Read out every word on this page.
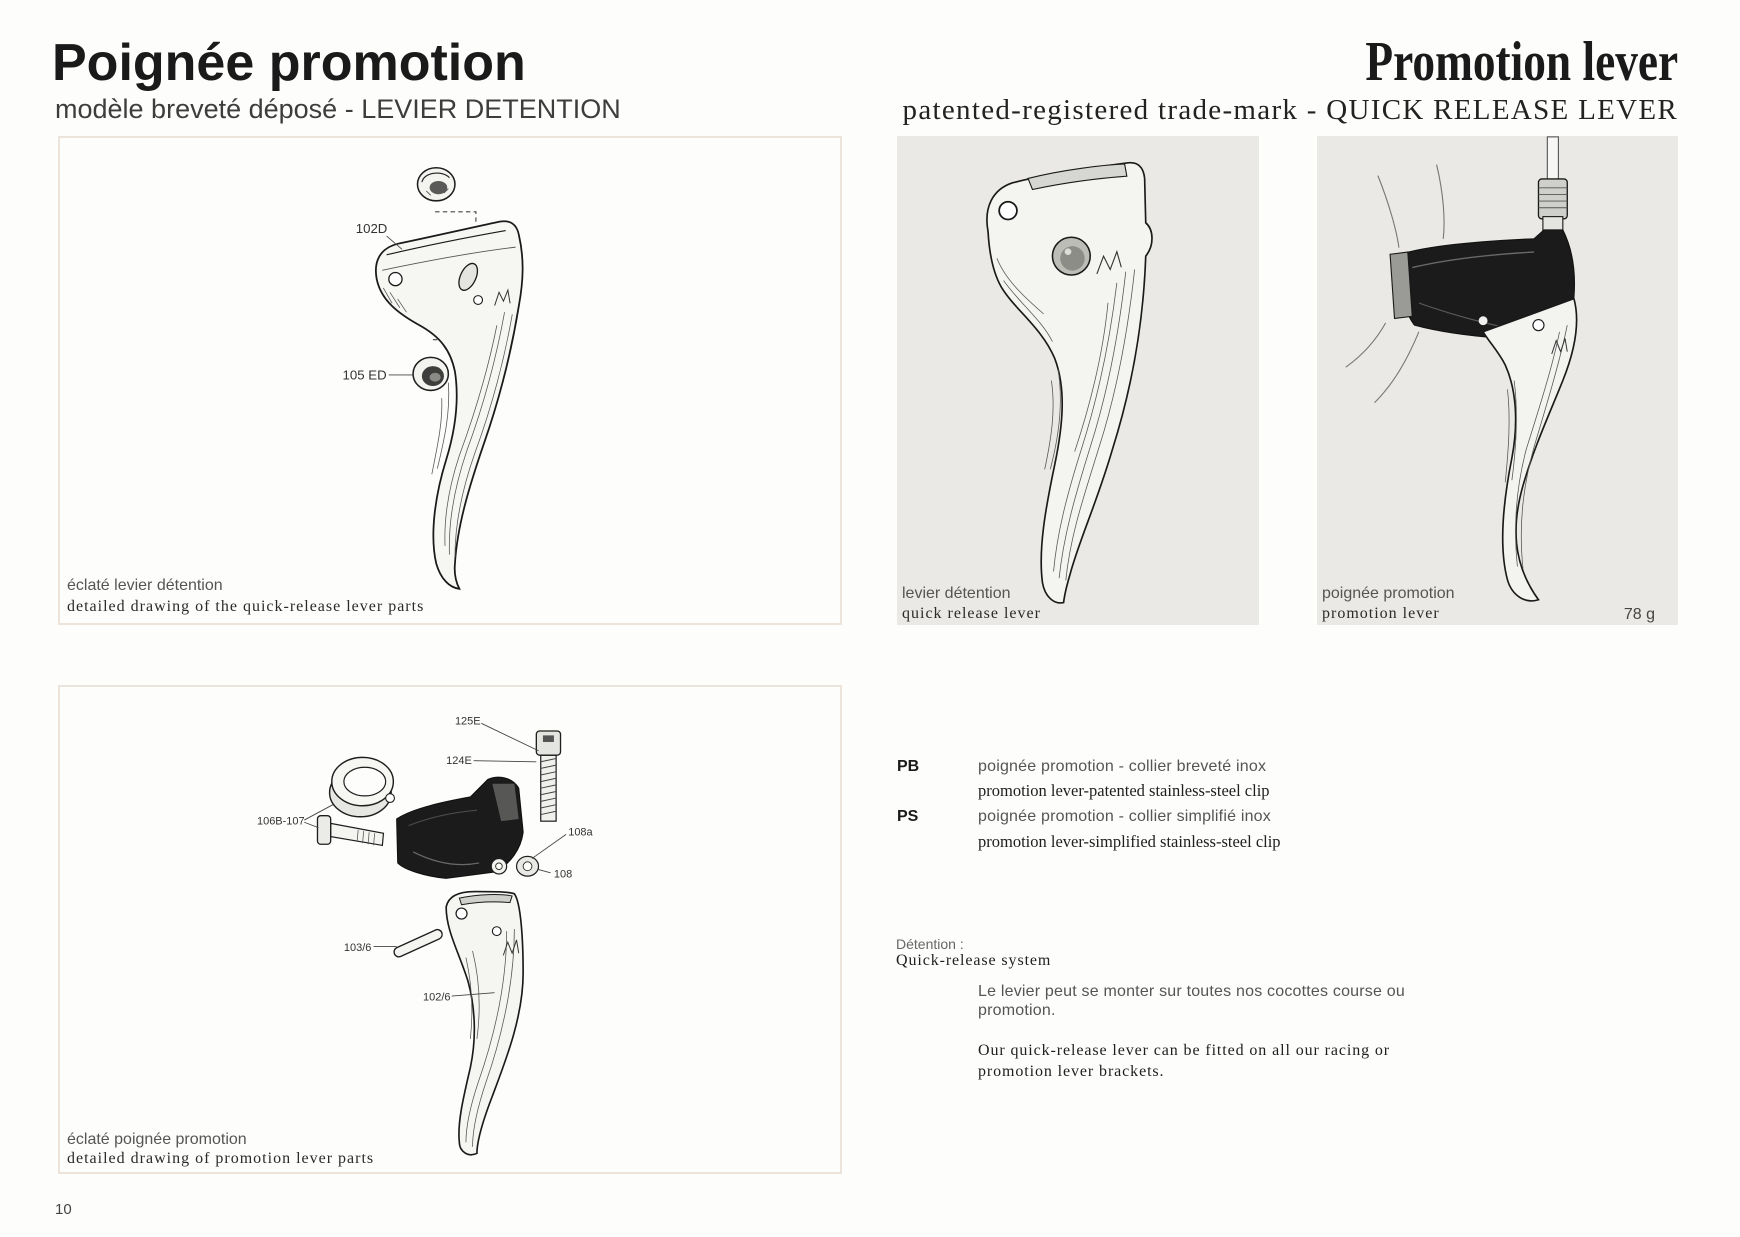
Poignée promotion
modèle breveté déposé - LEVIER DETENTION
Promotion lever
patented-registered trade-mark - QUICK RELEASE LEVER
102D
105 ED
éclaté levier détention
detailed drawing of the quick-release lever parts
levier détention
quick release lever
poignée promotion
promotion lever	78 g
125E
124E
106B-107
108a
108
103/6
102/6
éclaté poignée promotion
detailed drawing of promotion lever parts
PB	poignée promotion - collier breveté inox
promotion lever-patented stainless-steel clip
PS	poignée promotion - collier simplifié inox
promotion lever-simplified stainless-steel clip
Détention :
Quick-release system
Le levier peut se monter sur toutes nos cocottes course ou
promotion.
Our quick-release lever can be fitted on all our racing or
promotion lever brackets.
10
